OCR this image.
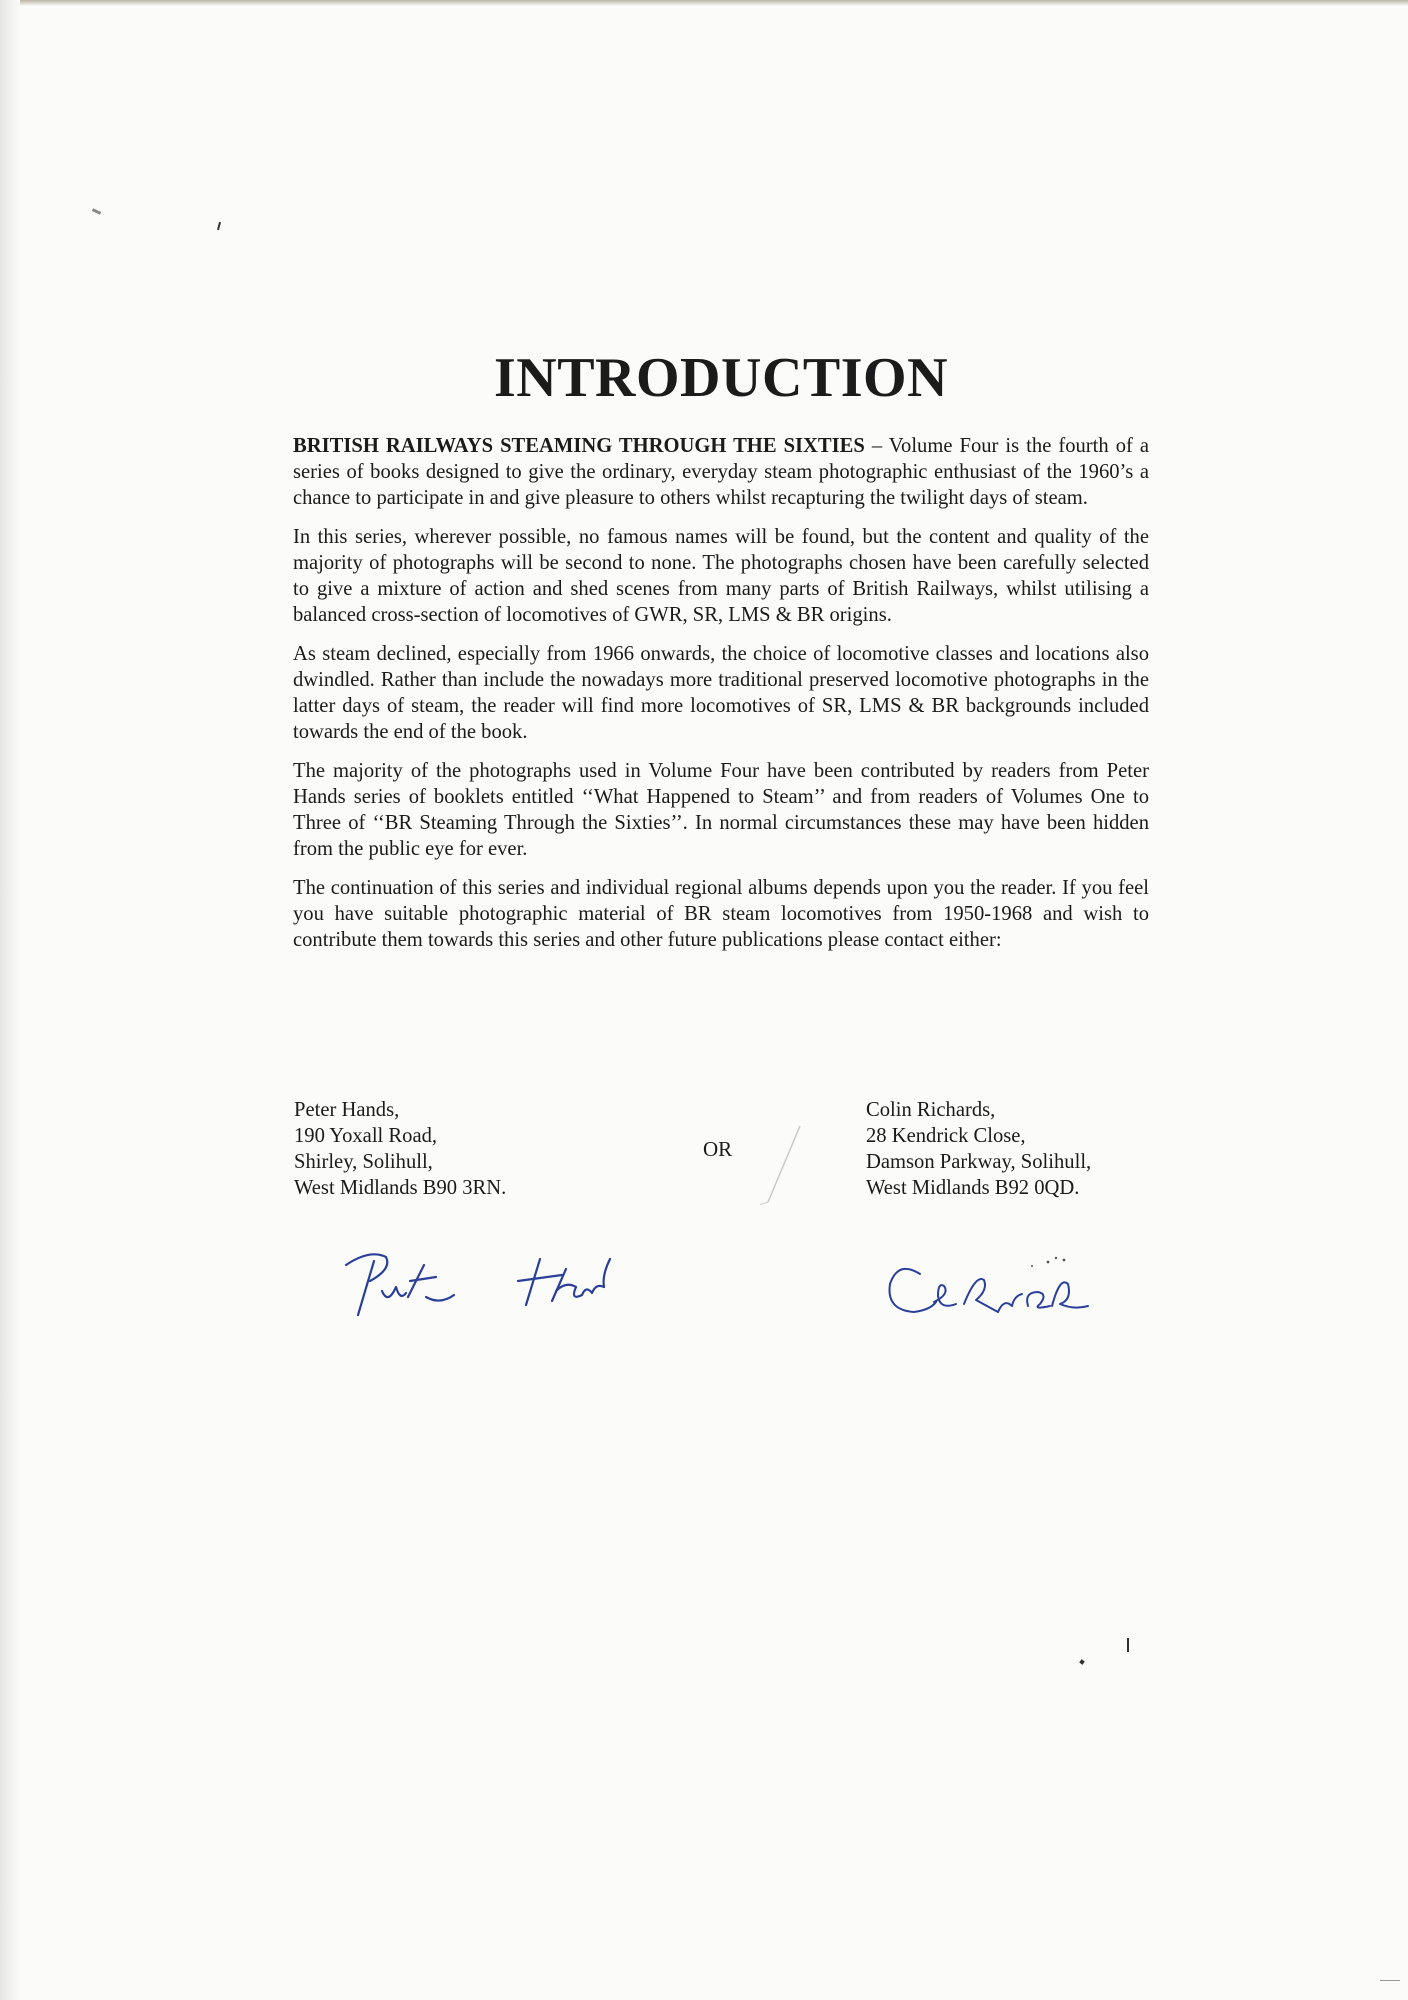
INTRODUCTION

BRITISH RAILWAYS STEAMING THROUGH THE SIXTIES – Volume Four is the fourth of a series of books designed to give the ordinary, everyday steam photographic enthusiast of the 1960’s a chance to participate in and give pleasure to others whilst recapturing the twilight days of steam.

In this series, wherever possible, no famous names will be found, but the content and quality of the majority of photographs will be second to none. The photographs chosen have been carefully selected to give a mixture of action and shed scenes from many parts of British Railways, whilst utilising a balanced cross-section of locomotives of GWR, SR, LMS & BR origins.

As steam declined, especially from 1966 onwards, the choice of locomotive classes and locations also dwindled. Rather than include the nowadays more traditional preserved locomotive photographs in the latter days of steam, the reader will find more locomotives of SR, LMS & BR backgrounds included towards the end of the book.

The majority of the photographs used in Volume Four have been contributed by readers from Peter Hands series of booklets entitled ‘‘What Happened to Steam’’ and from readers of Volumes One to Three of ‘‘BR Steaming Through the Sixties’’. In normal circumstances these may have been hidden from the public eye for ever.

The continuation of this series and individual regional albums depends upon you the reader. If you feel you have suitable photographic material of BR steam locomotives from 1950-1968 and wish to contribute them towards this series and other future publications please contact either:

Peter Hands,
190 Yoxall Road,
Shirley, Solihull,
West Midlands B90 3RN.
OR
Colin Richards,
28 Kendrick Close,
Damson Parkway, Solihull,
West Midlands B92 0QD.
